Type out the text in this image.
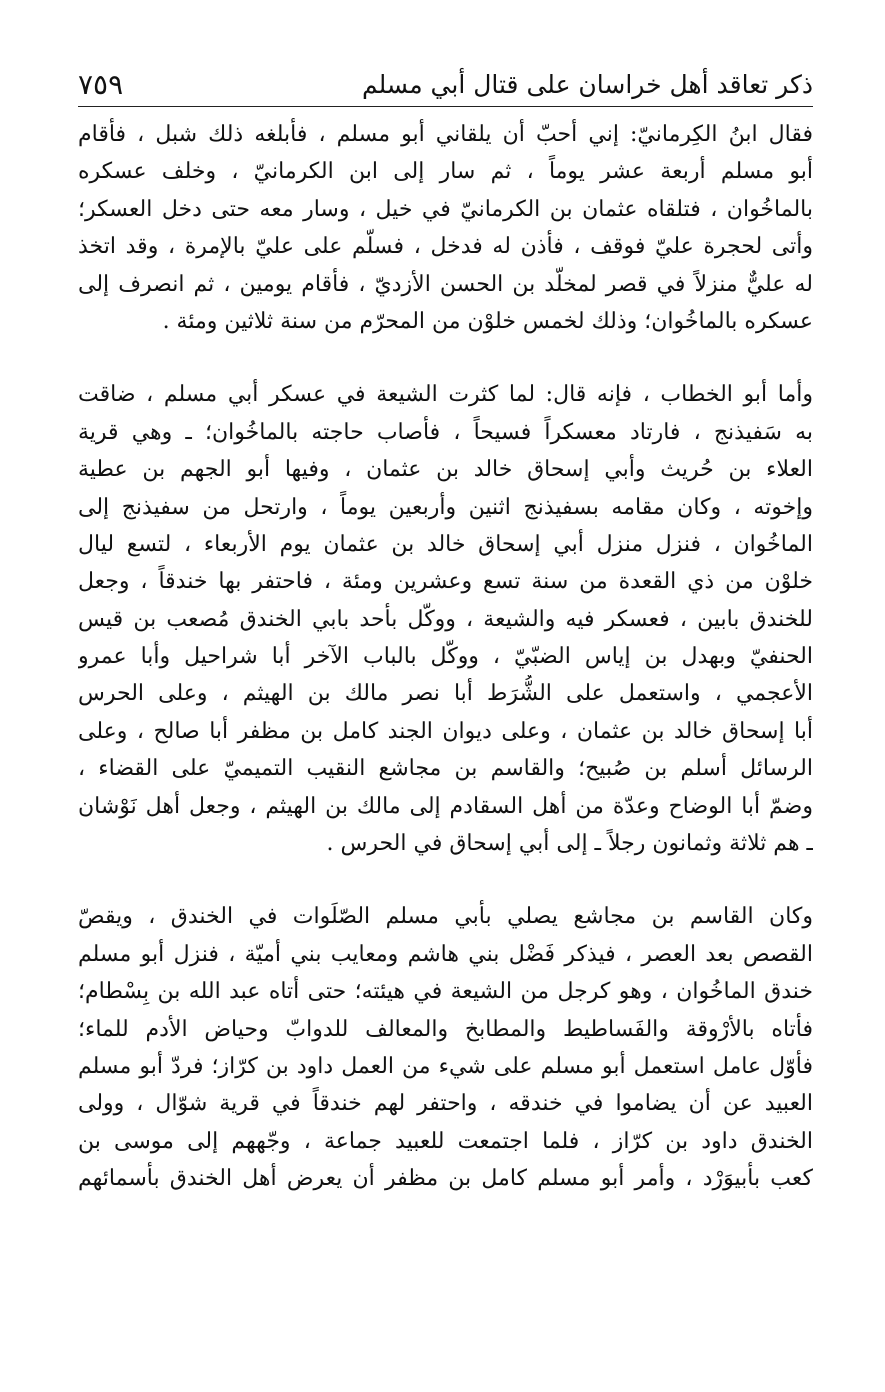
٧٥٩	ذكر تعاقد أهل خراسان على قتال أبي مسلم
فقال ابنُ الكِرمانيّ: إني أحبّ أن يلقاني أبو مسلم ، فأبلغه ذلك شبل ، فأقام
أبو مسلم أربعة عشر يوماً ، ثم سار إلى ابن الكرمانيّ ، وخلف عسكره
بالماخُوان ، فتلقاه عثمان بن الكرمانيّ في خيل ، وسار معه حتى دخل العسكر؛
وأتى لحجرة عليّ فوقف ، فأذن له فدخل ، فسلّم على عليّ بالإمرة ، وقد اتخذ
له عليٌّ منزلاً في قصر لمخلّد بن الحسن الأزديّ ، فأقام يومين ، ثم انصرف إلى
عسكره بالماخُوان؛ وذلك لخمس خلوْن من المحرّم من سنة ثلاثين ومئة .
وأما أبو الخطاب ، فإنه قال: لما كثرت الشيعة في عسكر أبي مسلم ، ضاقت
به سَفيذنج ، فارتاد معسكراً فسيحاً ، فأصاب حاجته بالماخُوان؛ ـ وهي قرية
العلاء بن حُريث وأبي إسحاق خالد بن عثمان ، وفيها أبو الجهم بن عطية
وإخوته ، وكان مقامه بسفيذنج اثنين وأربعين يوماً ، وارتحل من سفيذنج إلى
الماخُوان ، فنزل منزل أبي إسحاق خالد بن عثمان يوم الأربعاء ، لتسع ليال
خلوْن من ذي القعدة من سنة تسع وعشرين ومئة ، فاحتفر بها خندقاً ، وجعل
للخندق بابين ، فعسكر فيه والشيعة ، ووكّل بأحد بابي الخندق مُصعب بن قيس
الحنفيّ وبهدل بن إياس الضبّيّ ، ووكّل بالباب الآخر أبا شراحيل وأبا عمرو
الأعجمي ، واستعمل على الشُّرَط أبا نصر مالك بن الهيثم ، وعلى الحرس
أبا إسحاق خالد بن عثمان ، وعلى ديوان الجند كامل بن مظفر أبا صالح ، وعلى
الرسائل أسلم بن صُبيح؛ والقاسم بن مجاشع النقيب التميميّ على القضاء ،
وضمّ أبا الوضاح وعدّة من أهل السقادم إلى مالك بن الهيثم ، وجعل أهل نَوْشان
ـ هم ثلاثة وثمانون رجلاً ـ إلى أبي إسحاق في الحرس .
وكان القاسم بن مجاشع يصلي بأبي مسلم الصّلَوات في الخندق ، ويقصّ
القصص بعد العصر ، فيذكر فَضْل بني هاشم ومعايب بني أميّة ، فنزل أبو مسلم
خندق الماخُوان ، وهو كرجل من الشيعة في هيئته؛ حتى أتاه عبد الله بن بِسْطام؛
فأتاه بالأرْوقة والفَساطيط والمطابخ والمعالف للدوابّ وحياض الأدم للماء؛
فأوّل عامل استعمل أبو مسلم على شيء من العمل داود بن كرّاز؛ فردّ أبو مسلم
العبيد عن أن يضاموا في خندقه ، واحتفر لهم خندقاً في قرية شوّال ، وولى
الخندق داود بن كرّاز ، فلما اجتمعت للعبيد جماعة ، وجّههم إلى موسى بن
كعب بأبيوَرْد ، وأمر أبو مسلم كامل بن مظفر أن يعرض أهل الخندق بأسمائهم
